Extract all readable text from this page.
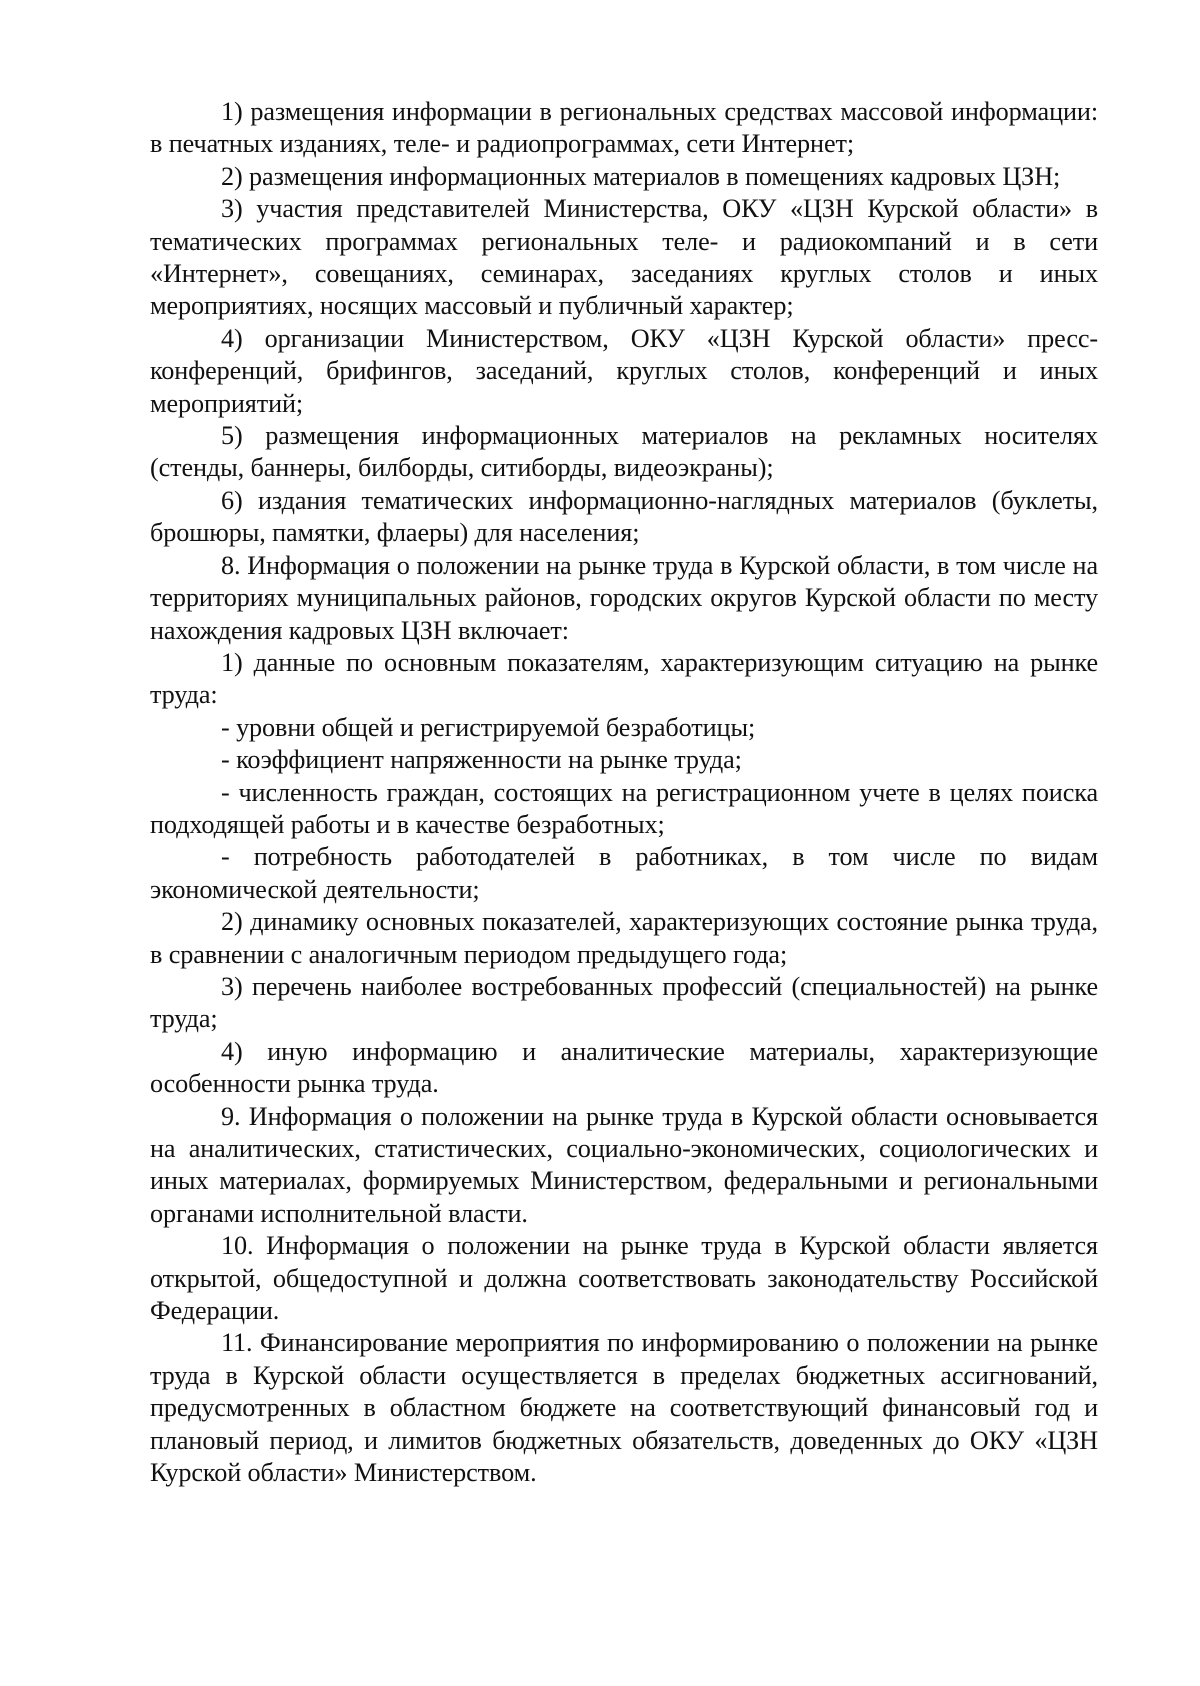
1) размещения информации в региональных средствах массовой информации: в печатных изданиях, теле- и радиопрограммах, сети Интернет;

2) размещения информационных материалов в помещениях кадровых ЦЗН;

3) участия представителей Министерства, ОКУ «ЦЗН Курской области» в тематических программах региональных теле- и радиокомпаний и в сети «Интернет», совещаниях, семинарах, заседаниях круглых столов и иных мероприятиях, носящих массовый и публичный характер;

4) организации Министерством, ОКУ «ЦЗН Курской области» пресс-конференций, брифингов, заседаний, круглых столов, конференций и иных мероприятий;

5) размещения информационных материалов на рекламных носителях (стенды, баннеры, билборды, ситиборды, видеоэкраны);

6) издания тематических информационно-наглядных материалов (буклеты, брошюры, памятки, флаеры) для населения;

8. Информация о положении на рынке труда в Курской области, в том числе на территориях муниципальных районов, городских округов Курской области по месту нахождения кадровых ЦЗН включает:

1) данные по основным показателям, характеризующим ситуацию на рынке труда:

- уровни общей и регистрируемой безработицы;

- коэффициент напряженности на рынке труда;

- численность граждан, состоящих на регистрационном учете в целях поиска подходящей работы и в качестве безработных;

- потребность работодателей в работниках, в том числе по видам экономической деятельности;

2) динамику основных показателей, характеризующих состояние рынка труда, в сравнении с аналогичным периодом предыдущего года;

3) перечень наиболее востребованных профессий (специальностей) на рынке труда;

4) иную информацию и аналитические материалы, характеризующие особенности рынка труда.

9. Информация о положении на рынке труда в Курской области основывается на аналитических, статистических, социально-экономических, социологических и иных материалах, формируемых Министерством, федеральными и региональными органами исполнительной власти.

10. Информация о положении на рынке труда в Курской области является открытой, общедоступной и должна соответствовать законодательству Российской Федерации.

11. Финансирование мероприятия по информированию о положении на рынке труда в Курской области осуществляется в пределах бюджетных ассигнований, предусмотренных в областном бюджете на соответствующий финансовый год и плановый период, и лимитов бюджетных обязательств, доведенных до ОКУ «ЦЗН Курской области» Министерством.
